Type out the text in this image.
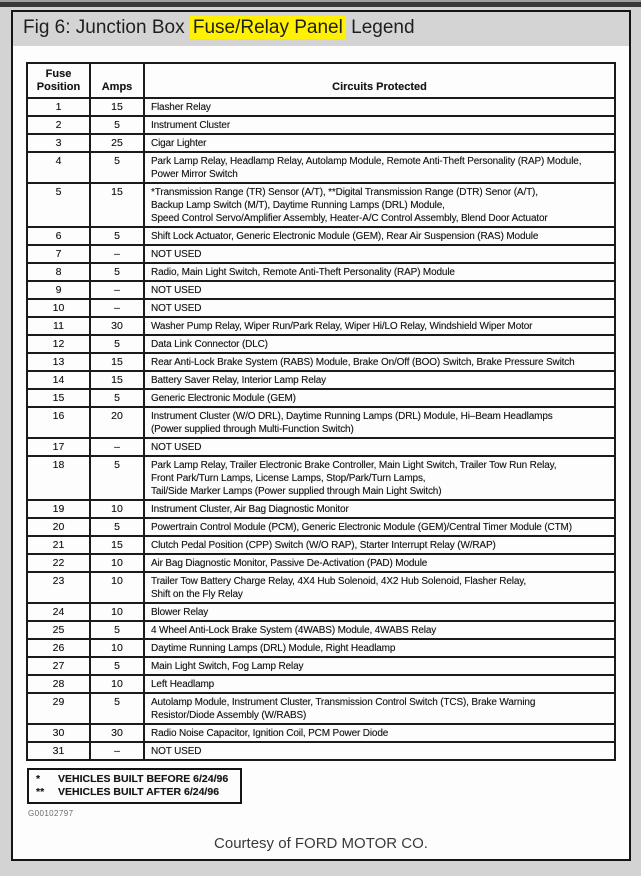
Fig 6: Junction Box Fuse/Relay Panel Legend
Fuse Position	Amps	Circuits Protected
1	15	Flasher Relay

2	5	Instrument Cluster

3	25	Cigar Lighter

4	5	Park Lamp Relay, Headlamp Relay, Autolamp Module, Remote Anti-Theft Personality (RAP) Module,
Power Mirror Switch

5	15	*Transmission Range (TR) Sensor (A/T), **Digital Transmission Range (DTR) Senor (A/T),
Backup Lamp Switch (M/T), Daytime Running Lamps (DRL) Module,
Speed Control Servo/Amplifier Assembly, Heater-A/C Control Assembly, Blend Door Actuator

6	5	Shift Lock Actuator, Generic Electronic Module (GEM), Rear Air Suspension (RAS) Module

7	–	NOT USED

8	5	Radio, Main Light Switch, Remote Anti-Theft Personality (RAP) Module

9	–	NOT USED

10	–	NOT USED

11	30	Washer Pump Relay, Wiper Run/Park Relay, Wiper Hi/LO Relay, Windshield Wiper Motor

12	5	Data Link Connector (DLC)

13	15	Rear Anti-Lock Brake System (RABS) Module, Brake On/Off (BOO) Switch, Brake Pressure Switch

14	15	Battery Saver Relay, Interior Lamp Relay

15	5	Generic Electronic Module (GEM)

16	20	Instrument Cluster (W/O DRL), Daytime Running Lamps (DRL) Module, Hi–Beam Headlamps
(Power supplied through Multi-Function Switch)

17	–	NOT USED

18	5	Park Lamp Relay, Trailer Electronic Brake Controller, Main Light Switch, Trailer Tow Run Relay,
Front Park/Turn Lamps, License Lamps, Stop/Park/Turn Lamps,
Tail/Side Marker Lamps (Power supplied through Main Light Switch)

19	10	Instrument Cluster, Air Bag Diagnostic Monitor

20	5	Powertrain Control Module (PCM), Generic Electronic Module (GEM)/Central Timer Module (CTM)

21	15	Clutch Pedal Position (CPP) Switch (W/O RAP), Starter Interrupt Relay (W/RAP)

22	10	Air Bag Diagnostic Monitor, Passive De-Activation (PAD) Module

23	10	Trailer Tow Battery Charge Relay, 4X4 Hub Solenoid, 4X2 Hub Solenoid, Flasher Relay,
Shift on the Fly Relay

24	10	Blower Relay

25	5	4 Wheel Anti-Lock Brake System (4WABS) Module, 4WABS Relay

26	10	Daytime Running Lamps (DRL) Module, Right Headlamp

27	5	Main Light Switch, Fog Lamp Relay

28	10	Left Headlamp

29	5	Autolamp Module, Instrument Cluster, Transmission Control Switch (TCS), Brake Warning
Resistor/Diode Assembly (W/RABS)

30	30	Radio Noise Capacitor, Ignition Coil, PCM Power Diode

31	–	NOT USED
* VEHICLES BUILT BEFORE 6/24/96
** VEHICLES BUILT AFTER 6/24/96
G00102797
Courtesy of FORD MOTOR CO.
